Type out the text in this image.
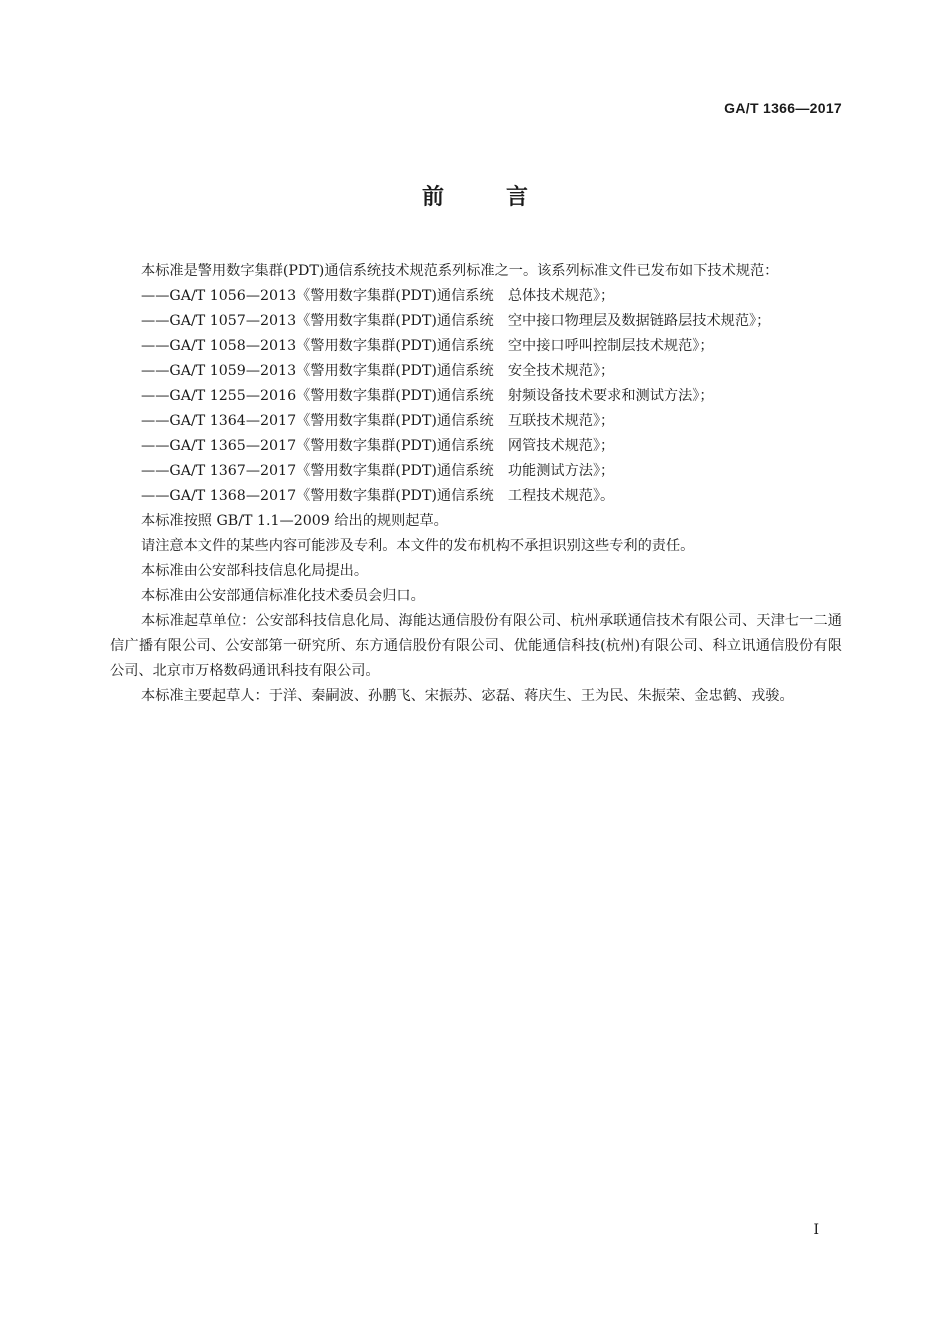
GA/T 1366—2017
前言

本标准是警用数字集群(PDT)通信系统技术规范系列标准之一。该系列标准文件已发布如下技术规范：

——GA/T 1056—2013《警用数字集群(PDT)通信系统　总体技术规范》；
——GA/T 1057—2013《警用数字集群(PDT)通信系统　空中接口物理层及数据链路层技术规范》；
——GA/T 1058—2013《警用数字集群(PDT)通信系统　空中接口呼叫控制层技术规范》；
——GA/T 1059—2013《警用数字集群(PDT)通信系统　安全技术规范》；
——GA/T 1255—2016《警用数字集群(PDT)通信系统　射频设备技术要求和测试方法》；
——GA/T 1364—2017《警用数字集群(PDT)通信系统　互联技术规范》；
——GA/T 1365—2017《警用数字集群(PDT)通信系统　网管技术规范》；
——GA/T 1367—2017《警用数字集群(PDT)通信系统　功能测试方法》；
——GA/T 1368—2017《警用数字集群(PDT)通信系统　工程技术规范》。

本标准按照 GB/T 1.1—2009 给出的规则起草。

请注意本文件的某些内容可能涉及专利。本文件的发布机构不承担识别这些专利的责任。

本标准由公安部科技信息化局提出。

本标准由公安部通信标准化技术委员会归口。

本标准起草单位：公安部科技信息化局、海能达通信股份有限公司、杭州承联通信技术有限公司、天津七一二通信广播有限公司、公安部第一研究所、东方通信股份有限公司、优能通信科技(杭州)有限公司、科立讯通信股份有限公司、北京市万格数码通讯科技有限公司。

本标准主要起草人：于洋、秦嗣波、孙鹏飞、宋振苏、宓磊、蒋庆生、王为民、朱振荣、金忠鹤、戎骏。

I
